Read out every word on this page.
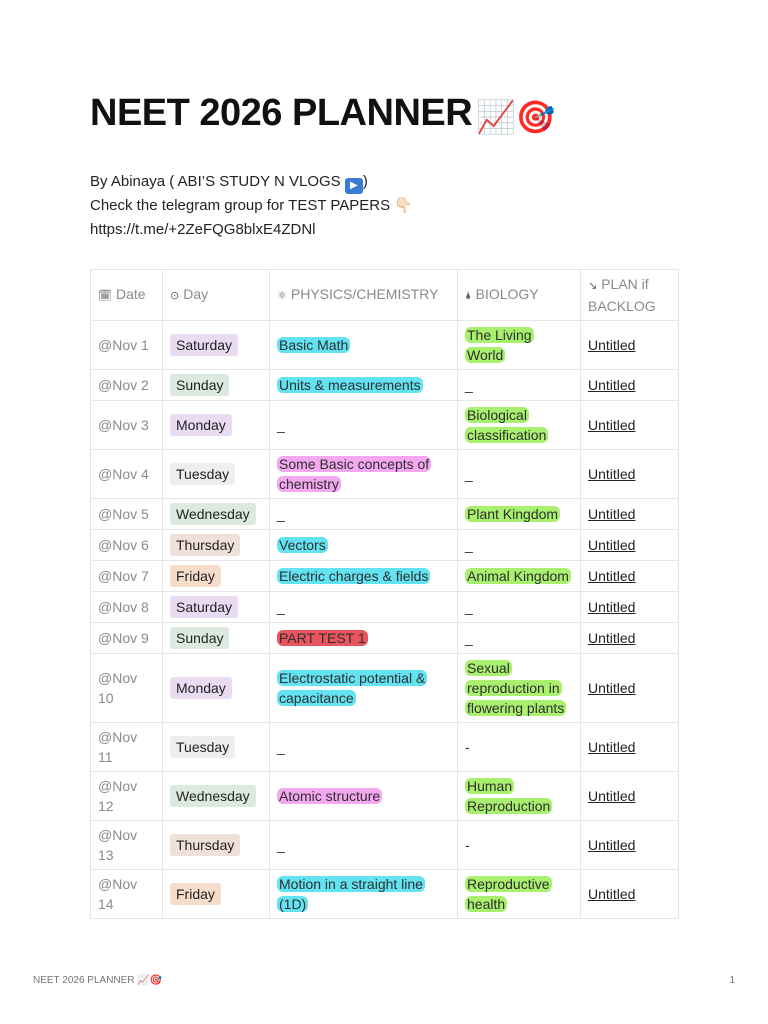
NEET 2026 PLANNER 📈🎯
By Abinaya ( ABI’S STUDY N VLOGS ▶ )
Check the telegram group for TEST PAPERS 👇🏻
https://t.me/+2ZeFQG8blxE4ZDNl
🗓 Date	⊙ Day	⚛ PHYSICS/CHEMISTRY	🌢 BIOLOGY	↘ PLAN if BACKLOG
@Nov 1	Saturday	Basic Math	The Living World	Untitled
@Nov 2	Sunday	Units & measurements	_	Untitled
@Nov 3	Monday	_	Biological classification	Untitled
@Nov 4	Tuesday	Some Basic concepts of chemistry	_	Untitled
@Nov 5	Wednesday	_	Plant Kingdom	Untitled
@Nov 6	Thursday	Vectors	_	Untitled
@Nov 7	Friday	Electric charges & fields	Animal Kingdom	Untitled
@Nov 8	Saturday	_	_	Untitled
@Nov 9	Sunday	PART TEST 1	_	Untitled
@Nov 10	Monday	Electrostatic potential & capacitance	Sexual reproduction in flowering plants	Untitled
@Nov 11	Tuesday	_	-	Untitled
@Nov 12	Wednesday	Atomic structure	Human Reproduction	Untitled
@Nov 13	Thursday	_	-	Untitled
@Nov 14	Friday	Motion in a straight line (1D)	Reproductive health	Untitled
NEET 2026 PLANNER 📈🎯	1
